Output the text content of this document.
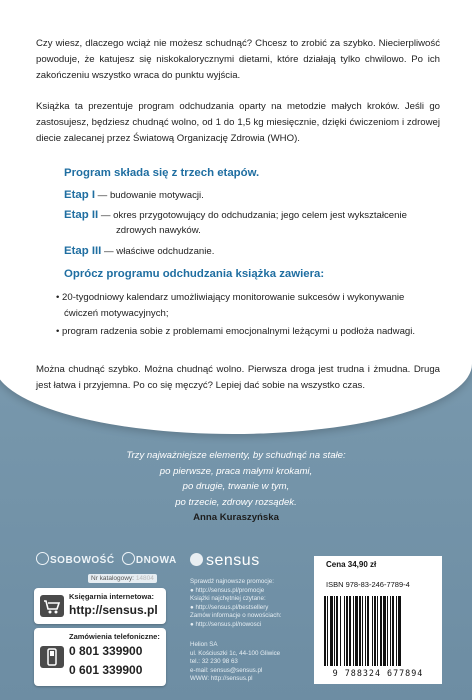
Czy wiesz, dlaczego wciąż nie możesz schudnąć? Chcesz to zrobić za szybko. Niecierpliwość powoduje, że katujesz się niskokalorycznymi dietami, które działają tylko chwilowo. Po ich zakończeniu wszystko wraca do punktu wyjścia.
Książka ta prezentuje program odchudzania oparty na metodzie małych kroków. Jeśli go zastosujesz, będziesz chudnąć wolno, od 1 do 1,5 kg miesięcznie, dzięki ćwiczeniom i zdrowej diecie zalecanej przez Światową Organizację Zdrowia (WHO).
Program składa się z trzech etapów.
Etap I — budowanie motywacji.
Etap II — okres przygotowujący do odchudzania; jego celem jest wykształcenie
zdrowych nawyków.
Etap III — właściwe odchudzanie.
Oprócz programu odchudzania książka zawiera:
• 20-tygodniowy kalendarz umożliwiający monitorowanie sukcesów i wykonywanie
ćwiczeń motywacyjnych;
• program radzenia sobie z problemami emocjonalnymi leżącymi u podłoża nadwagi.
Można chudnąć szybko. Można chudnąć wolno. Pierwsza droga jest trudna i żmudna. Druga jest łatwa i przyjemna. Po co się męczyć? Lepiej dać sobie na wszystko czas.
Trzy najważniejsze elementy, by schudnąć na stałe:
po pierwsze, praca małymi krokami,
po drugie, trwanie w tym,
po trzecie, zdrowy rozsądek.
Anna Kuraszyńska
SOBOWOŚĆ DNOWA
Nr katalogowy: 14804
Księgarnia internetowa:
http://sensus.pl
Zamówienia telefoniczne:
0 801 339900
0 601 339900
sensus
Sprawdź najnowsze promocje:
● http://sensus.pl/promocje
Książki najchętniej czytane:
● http://sensus.pl/bestsellery
Zamów informacje o nowościach:
● http://sensus.pl/nowosci
Helion SA
ul. Kościuszki 1c, 44-100 Gliwice
tel.: 32 230 98 63
e-mail: sensus@sensus.pl
WWW: http://sensus.pl
Cena 34,90 zł
ISBN 978-83-246-7789-4
9 788324 677894
